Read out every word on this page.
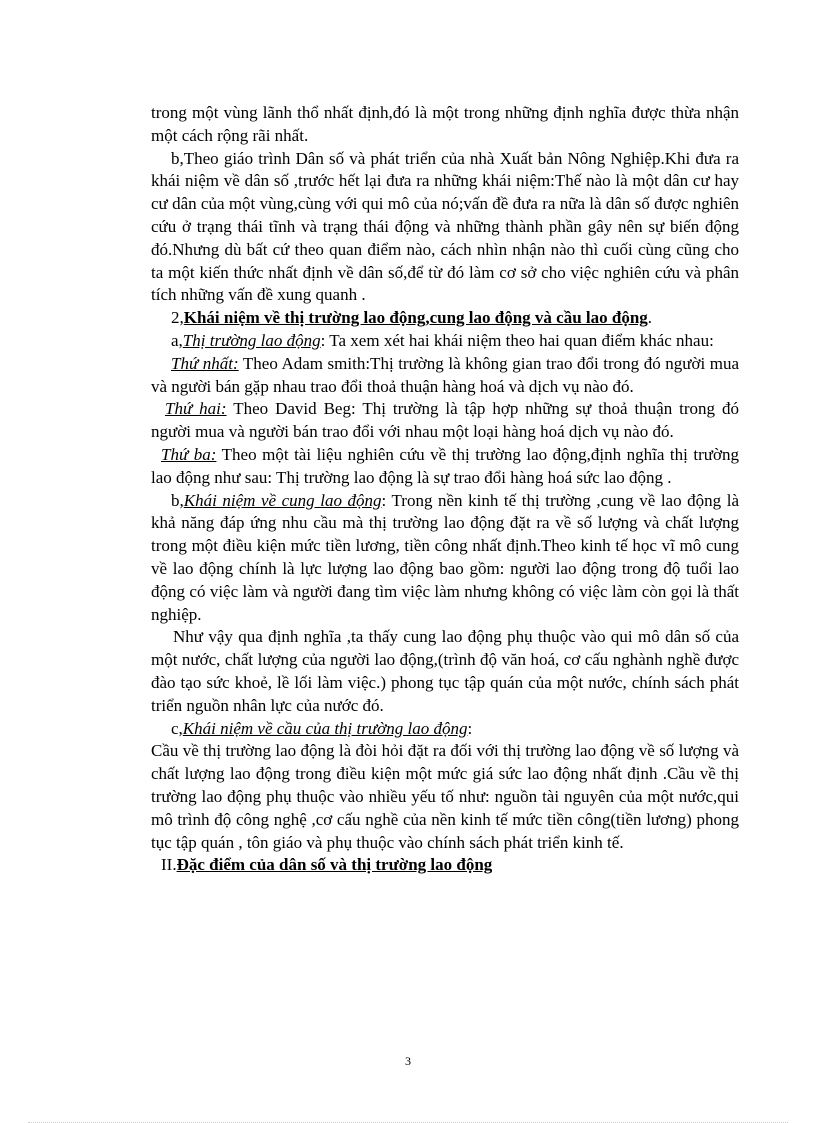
trong một vùng lãnh thổ nhất định,đó là một trong những định nghĩa được thừa nhận một cách rộng rãi nhất.

b,Theo giáo trình Dân số và phát triển của nhà Xuất bản Nông Nghiệp.Khi đưa ra khái niệm về dân số ,trước hết lại đưa ra những khái niệm:Thế nào là một dân cư hay cư dân của một vùng,cùng với qui mô của nó;vấn đề đưa ra nữa là dân số được nghiên cứu ở trạng thái tĩnh và trạng thái động và những thành phần gây nên sự biến động đó.Nhưng dù bất cứ theo quan điểm nào, cách nhìn nhận nào thì cuối cùng cũng cho ta một kiến thức nhất định về dân số,để từ đó làm cơ sở cho việc nghiên cứu và phân tích những vấn đề xung quanh .

2,Khái niệm về thị trường lao động,cung lao động và cầu lao động.

a,Thị trường lao động: Ta xem xét hai khái niệm theo hai quan điểm khác nhau:

Thứ nhất: Theo Adam smith:Thị trường là không gian trao đổi trong đó người mua và người bán gặp nhau trao đổi thoả thuận hàng hoá và dịch vụ nào đó.

Thứ hai: Theo David Beg: Thị trường là tập hợp những sự thoả thuận trong đó người mua và người bán trao đổi với nhau một loại hàng hoá dịch vụ nào đó.

Thứ ba: Theo một tài liệu nghiên cứu về thị trường lao động,định nghĩa thị trường lao động như sau: Thị trường lao động là sự trao đổi hàng hoá sức lao động .

b,Khái niệm về cung lao động: Trong nền kinh tế thị trường ,cung về lao động là khả năng đáp ứng nhu cầu mà thị trường lao động đặt ra về số lượng và chất lượng trong một điều kiện mức tiền lương, tiền công nhất định.Theo kinh tế học vĩ mô cung về lao động chính là lực lượng lao động bao gồm: người lao động trong độ tuổi lao động có việc làm và người đang tìm việc làm nhưng không có việc làm còn gọi là thất nghiệp.

Như vậy qua định nghĩa ,ta thấy cung lao động phụ thuộc vào qui mô dân số của một nước, chất lượng của người lao động,(trình độ văn hoá, cơ cấu nghành nghề được đào tạo sức khoẻ, lề lối làm việc.) phong tục tập quán của một nước, chính sách phát triển nguồn nhân lực của nước đó.

c,Khái niệm về cầu của thị trường lao động:

Cầu về thị trường lao động là đòi hỏi đặt ra đối với thị trường lao động về số lượng và chất lượng lao động trong điều kiện một mức giá sức lao động nhất định .Cầu về thị trường lao động phụ thuộc vào nhiều yếu tố như: nguồn tài nguyên của một nước,qui mô trình độ công nghệ ,cơ cấu nghề của nền kinh tế mức tiền công(tiền lương) phong tục tập quán , tôn giáo và phụ thuộc vào chính sách phát triển kinh tế.

II.Đặc điểm của dân số và thị trường lao động

3
